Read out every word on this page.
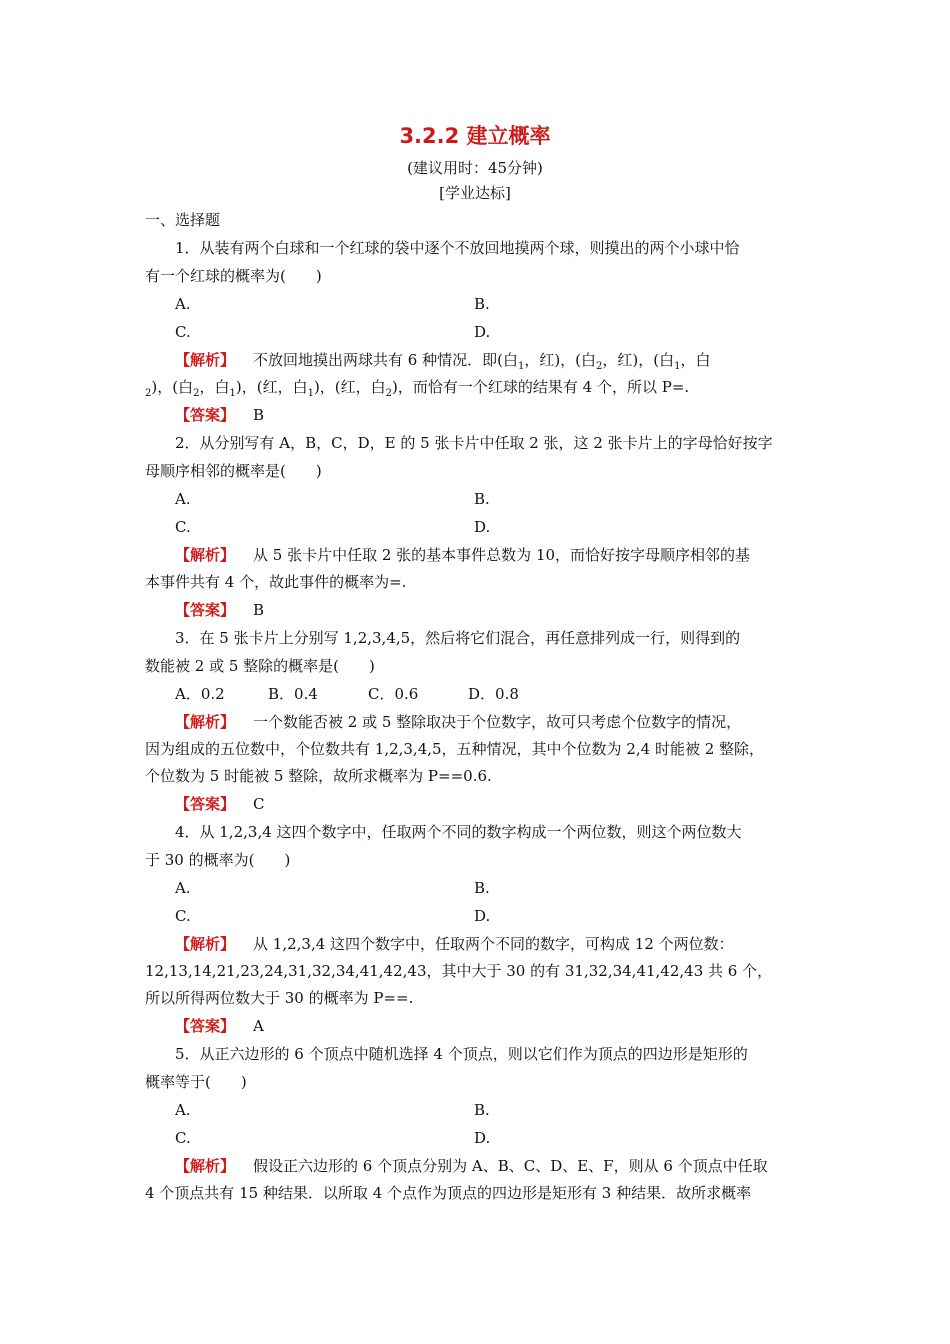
3.2.2 建立概率
(建议用时：45分钟)
[学业达标]
一、选择题
1．从装有两个白球和一个红球的袋中逐个不放回地摸两个球，则摸出的两个小球中恰
有一个红球的概率为(　　)
A.	B.
C.	D.
【解析】 不放回地摸出两球共有 6 种情况．即(白$_1$，红)，(白$_2$，红)，(白$_1$，白
$_2$)，(白$_2$，白$_1$)，(红，白$_1$)，(红，白$_2$)，而恰有一个红球的结果有 4 个，所以 P=.
【答案】 B
2．从分别写有 A，B，C，D，E 的 5 张卡片中任取 2 张，这 2 张卡片上的字母恰好按字
母顺序相邻的概率是(　　)
A.	B.
C.	D.
【解析】 从 5 张卡片中任取 2 张的基本事件总数为 10，而恰好按字母顺序相邻的基
本事件共有 4 个，故此事件的概率为=.
【答案】 B
3．在 5 张卡片上分别写 1,2,3,4,5，然后将它们混合，再任意排列成一行，则得到的
数能被 2 或 5 整除的概率是(　　)
A．0.2	B．0.4	C．0.6	D．0.8
【解析】 一个数能否被 2 或 5 整除取决于个位数字，故可只考虑个位数字的情况，
因为组成的五位数中，个位数共有 1,2,3,4,5，五种情况，其中个位数为 2,4 时能被 2 整除，
个位数为 5 时能被 5 整除，故所求概率为 P==0.6.
【答案】 C
4．从 1,2,3,4 这四个数字中，任取两个不同的数字构成一个两位数，则这个两位数大
于 30 的概率为(　　)
A.	B.
C.	D.
【解析】 从 1,2,3,4 这四个数字中，任取两个不同的数字，可构成 12 个两位数：
12,13,14,21,23,24,31,32,34,41,42,43，其中大于 30 的有 31,32,34,41,42,43 共 6 个，
所以所得两位数大于 30 的概率为 P==.
【答案】 A
5．从正六边形的 6 个顶点中随机选择 4 个顶点，则以它们作为顶点的四边形是矩形的
概率等于(　　)
A.	B.
C.	D.
【解析】 假设正六边形的 6 个顶点分别为 A、B、C、D、E、F，则从 6 个顶点中任取
4 个顶点共有 15 种结果．以所取 4 个点作为顶点的四边形是矩形有 3 种结果．故所求概率
